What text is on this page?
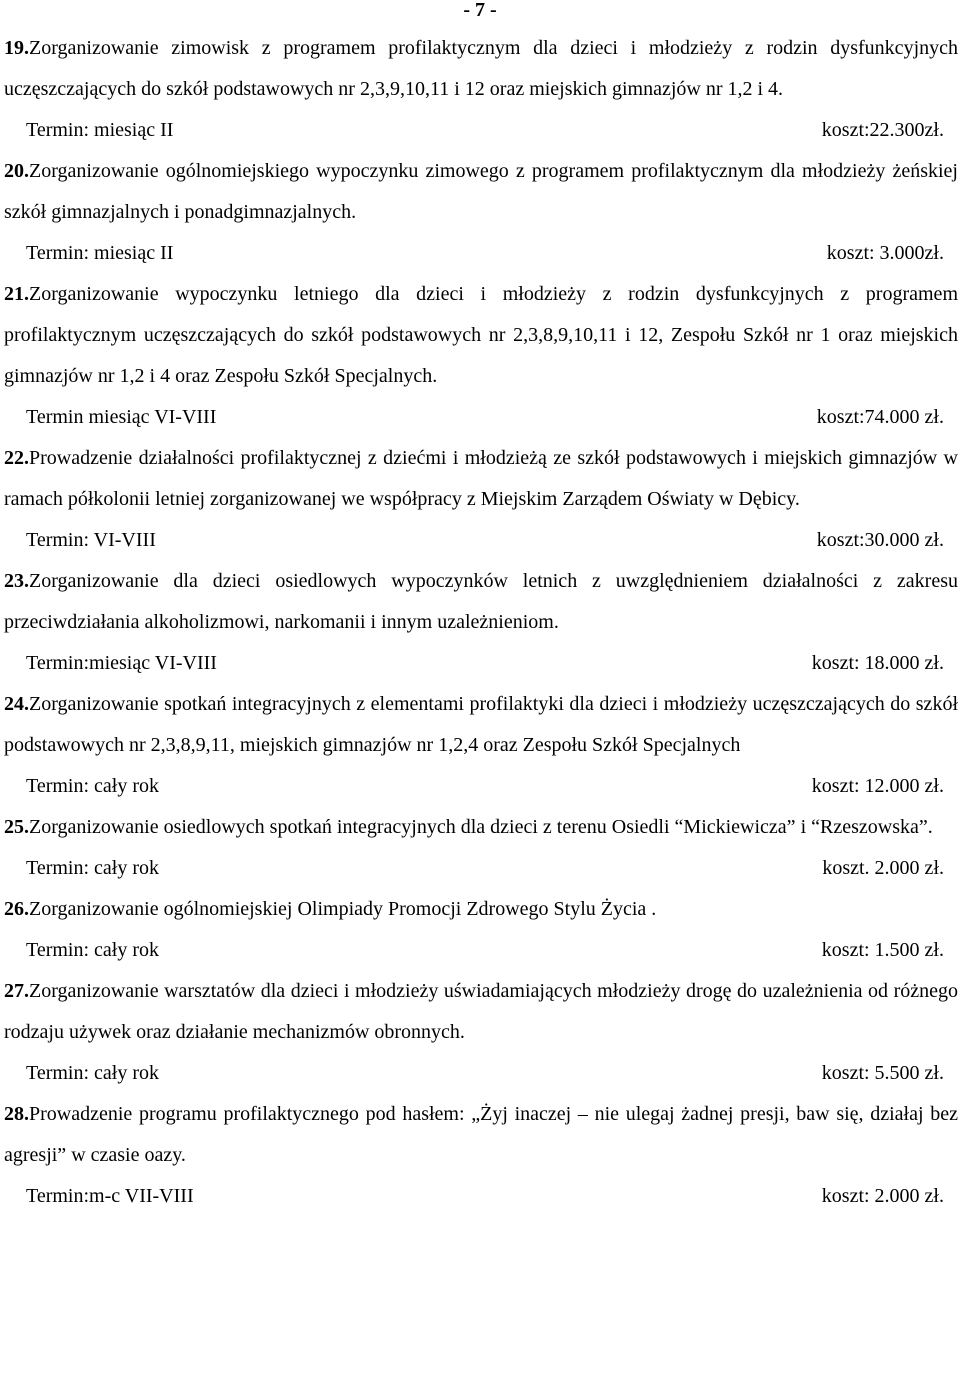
- 7 -

19.Zorganizowanie zimowisk z programem profilaktycznym dla dzieci i młodzieży z rodzin dysfunkcyjnych uczęszczających do szkół podstawowych nr 2,3,9,10,11 i 12 oraz miejskich gimnazjów nr 1,2 i 4.

Termin: miesiąc II	koszt:22.300zł.

20.Zorganizowanie ogólnomiejskiego wypoczynku zimowego z programem profilaktycznym dla młodzieży żeńskiej szkół gimnazjalnych i ponadgimnazjalnych.

Termin: miesiąc II	koszt: 3.000zł.

21.Zorganizowanie wypoczynku letniego dla dzieci i młodzieży z rodzin dysfunkcyjnych z programem profilaktycznym uczęszczających do szkół podstawowych nr 2,3,8,9,10,11 i 12, Zespołu Szkół nr 1 oraz miejskich gimnazjów nr 1,2 i 4 oraz Zespołu Szkół Specjalnych.

Termin miesiąc VI-VIII	koszt:74.000 zł.

22.Prowadzenie działalności profilaktycznej z dziećmi i młodzieżą ze szkół podstawowych i miejskich gimnazjów w ramach półkolonii letniej zorganizowanej we współpracy z Miejskim Zarządem Oświaty w Dębicy.

Termin: VI-VIII	koszt:30.000 zł.

23.Zorganizowanie dla dzieci osiedlowych wypoczynków letnich z uwzględnieniem działalności z zakresu przeciwdziałania alkoholizmowi, narkomanii i innym uzależnieniom.

Termin:miesiąc VI-VIII	koszt: 18.000 zł.

24.Zorganizowanie spotkań integracyjnych z elementami profilaktyki dla dzieci i młodzieży uczęszczających do szkół podstawowych nr 2,3,8,9,11, miejskich gimnazjów nr 1,2,4 oraz Zespołu Szkół Specjalnych

Termin: cały rok	koszt: 12.000 zł.

25.Zorganizowanie osiedlowych spotkań integracyjnych dla dzieci z terenu Osiedli “Mickiewicza” i “Rzeszowska”.

Termin: cały rok	koszt. 2.000 zł.

26.Zorganizowanie ogólnomiejskiej Olimpiady Promocji Zdrowego Stylu Życia .

Termin: cały rok	koszt: 1.500 zł.

27.Zorganizowanie warsztatów dla dzieci i młodzieży uświadamiających młodzieży drogę do uzależnienia od różnego rodzaju używek oraz działanie mechanizmów obronnych.

Termin: cały rok	koszt: 5.500 zł.

28.Prowadzenie programu profilaktycznego pod hasłem: „Żyj inaczej – nie ulegaj żadnej presji, baw się, działaj bez agresji” w czasie oazy.

Termin:m-c VII-VIII	koszt: 2.000 zł.
